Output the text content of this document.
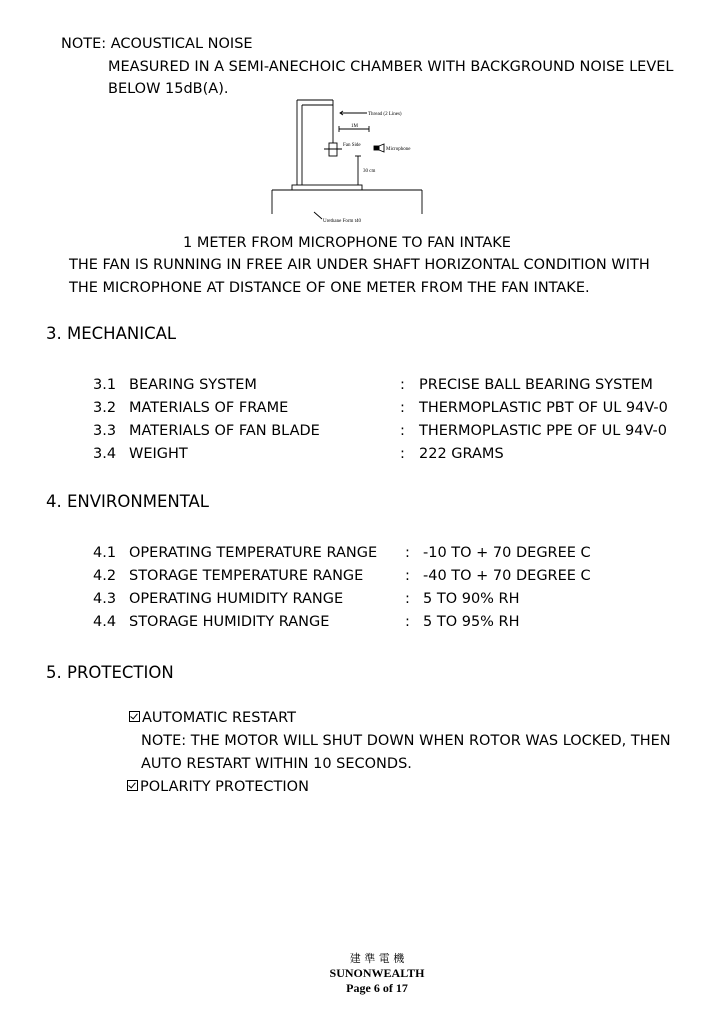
NOTE: ACOUSTICAL NOISE
MEASURED IN A SEMI-ANECHOIC CHAMBER WITH BACKGROUND NOISE LEVEL
BELOW 15dB(A).
Thread (2 Lines)
1M
Fan Side
Microphone
30 cm
Urethane Form t40
1 METER FROM MICROPHONE TO FAN INTAKE
THE FAN IS RUNNING IN FREE AIR UNDER SHAFT HORIZONTAL CONDITION WITH
THE MICROPHONE AT DISTANCE OF ONE METER FROM THE FAN INTAKE.
3. MECHANICAL
3.1 BEARING SYSTEM	: PRECISE BALL BEARING SYSTEM
3.2 MATERIALS OF FRAME	: THERMOPLASTIC PBT OF UL 94V-0
3.3 MATERIALS OF FAN BLADE	: THERMOPLASTIC PPE OF UL 94V-0
3.4 WEIGHT	: 222 GRAMS
4. ENVIRONMENTAL
4.1 OPERATING TEMPERATURE RANGE : -10 TO + 70 DEGREE C
4.2 STORAGE TEMPERATURE RANGE	: -40 TO + 70 DEGREE C
4.3 OPERATING HUMIDITY RANGE	: 5 TO 90% RH
4.4 STORAGE HUMIDITY RANGE	: 5 TO 95% RH
5. PROTECTION
AUTOMATIC RESTART
NOTE: THE MOTOR WILL SHUT DOWN WHEN ROTOR WAS LOCKED, THEN
AUTO RESTART WITHIN 10 SECONDS.
POLARITY PROTECTION
建 準 電 機
SUNONWEALTH
Page 6 of 17
